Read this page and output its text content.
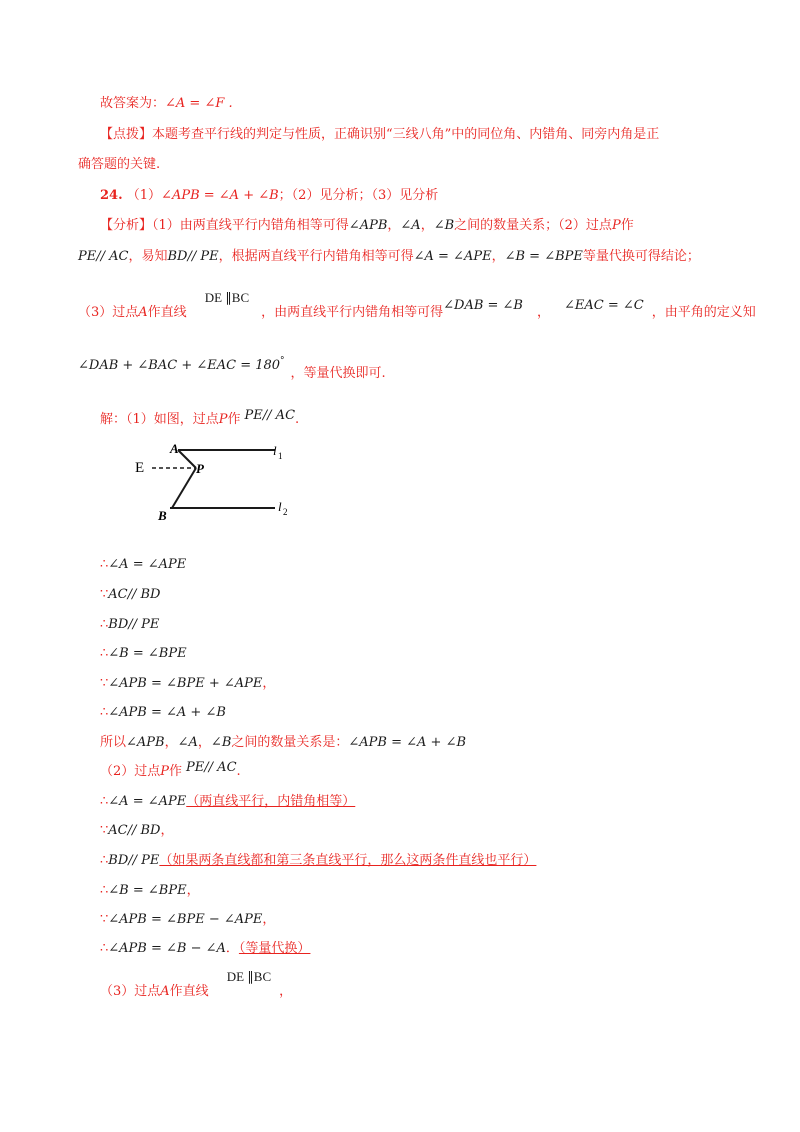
故答案为：∠A = ∠F .
【点拨】本题考查平行线的判定与性质，正确识别“三线八角”中的同位角、内错角、同旁内角是正
确答题的关键.
24. （1）∠APB = ∠A + ∠B；（2）见分析；（3）见分析
【分析】（1）由两直线平行内错角相等可得∠APB，∠A，∠B之间的数量关系；（2）过点P作
PE// AC，易知BD// PE，根据两直线平行内错角相等可得∠A = ∠APE，∠B = ∠BPE等量代换可得结论；
（3）过点A作直线DE ∥BC，由两直线平行内错角相等可得∠DAB = ∠B ， ∠EAC = ∠C ，由平角的定义知
∠DAB + ∠BAC + ∠EAC = 180°，等量代换即可.
解：（1）如图，过点P作 PE// AC.
A
E	P
B
l 1
l 2
∴∠A = ∠APE
∵AC// BD
∴BD// PE
∴∠B = ∠BPE
∵∠APB = ∠BPE + ∠APE，
∴∠APB = ∠A + ∠B
所以∠APB，∠A，∠B之间的数量关系是：∠APB = ∠A + ∠B
（2）过点P作 PE// AC.
∴∠A = ∠APE（两直线平行，内错角相等）
∵AC// BD，
∴BD// PE（如果两条直线都和第三条直线平行，那么这两条件直线也平行）
∴∠B = ∠BPE，
∵∠APB = ∠BPE − ∠APE，
∴∠APB = ∠B − ∠A．（等量代换）
（3）过点A作直线DE ∥BC，
